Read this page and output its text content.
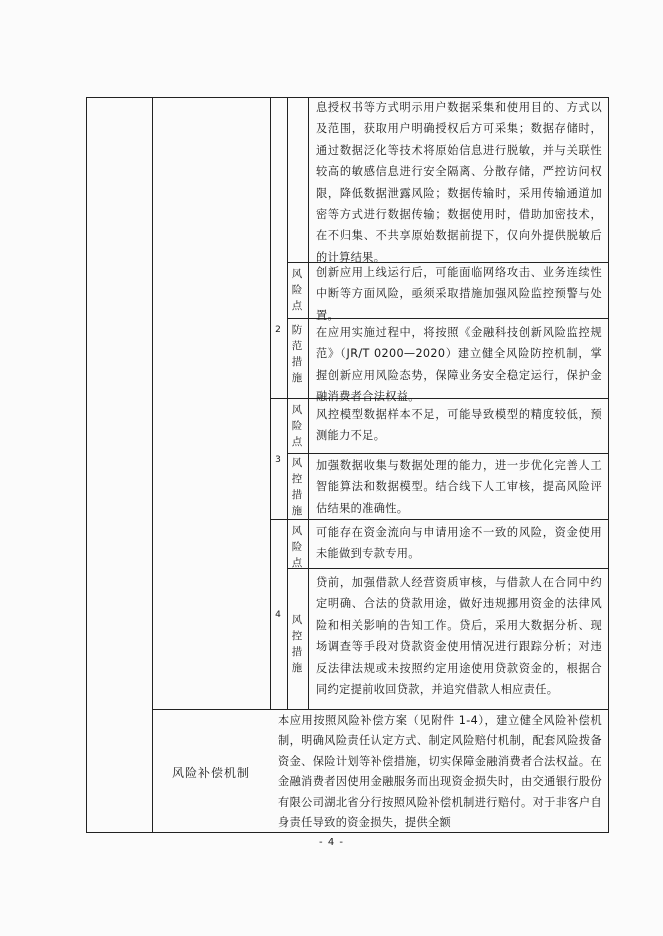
息授权书等方式明示用户数据采集和使用目的、方式以及范围，获取用户明确授权后方可采集；数据存储时，通过数据泛化等技术将原始信息进行脱敏，并与关联性较高的敏感信息进行安全隔离、分散存储，严控访问权限，降低数据泄露风险；数据传输时，采用传输通道加密等方式进行数据传输；数据使用时，借助加密技术，在不归集、不共享原始数据前提下，仅向外提供脱敏后的计算结果。
2
风险点
创新应用上线运行后，可能面临网络攻击、业务连续性中断等方面风险，亟须采取措施加强风险监控预警与处置。
防范措施
在应用实施过程中，将按照《金融科技创新风险监控规范》（JR/T 0200—2020）建立健全风险防控机制，掌握创新应用风险态势，保障业务安全稳定运行，保护金融消费者合法权益。
3
风险点
风控模型数据样本不足，可能导致模型的精度较低，预测能力不足。
风控措施
加强数据收集与数据处理的能力，进一步优化完善人工智能算法和数据模型。结合线下人工审核，提高风险评估结果的准确性。
4
风险点
可能存在资金流向与申请用途不一致的风险，资金使用未能做到专款专用。
风控措施
贷前，加强借款人经营资质审核，与借款人在合同中约定明确、合法的贷款用途，做好违规挪用资金的法律风险和相关影响的告知工作。贷后，采用大数据分析、现场调查等手段对贷款资金使用情况进行跟踪分析；对违反法律法规或未按照约定用途使用贷款资金的，根据合同约定提前收回贷款，并追究借款人相应责任。
风险补偿机制
本应用按照风险补偿方案（见附件 1-4），建立健全风险补偿机制，明确风险责任认定方式、制定风险赔付机制，配套风险拨备资金、保险计划等补偿措施，切实保障金融消费者合法权益。在金融消费者因使用金融服务而出现资金损失时，由交通银行股份有限公司湖北省分行按照风险补偿机制进行赔付。对于非客户自身责任导致的资金损失，提供全额
- 4 -
